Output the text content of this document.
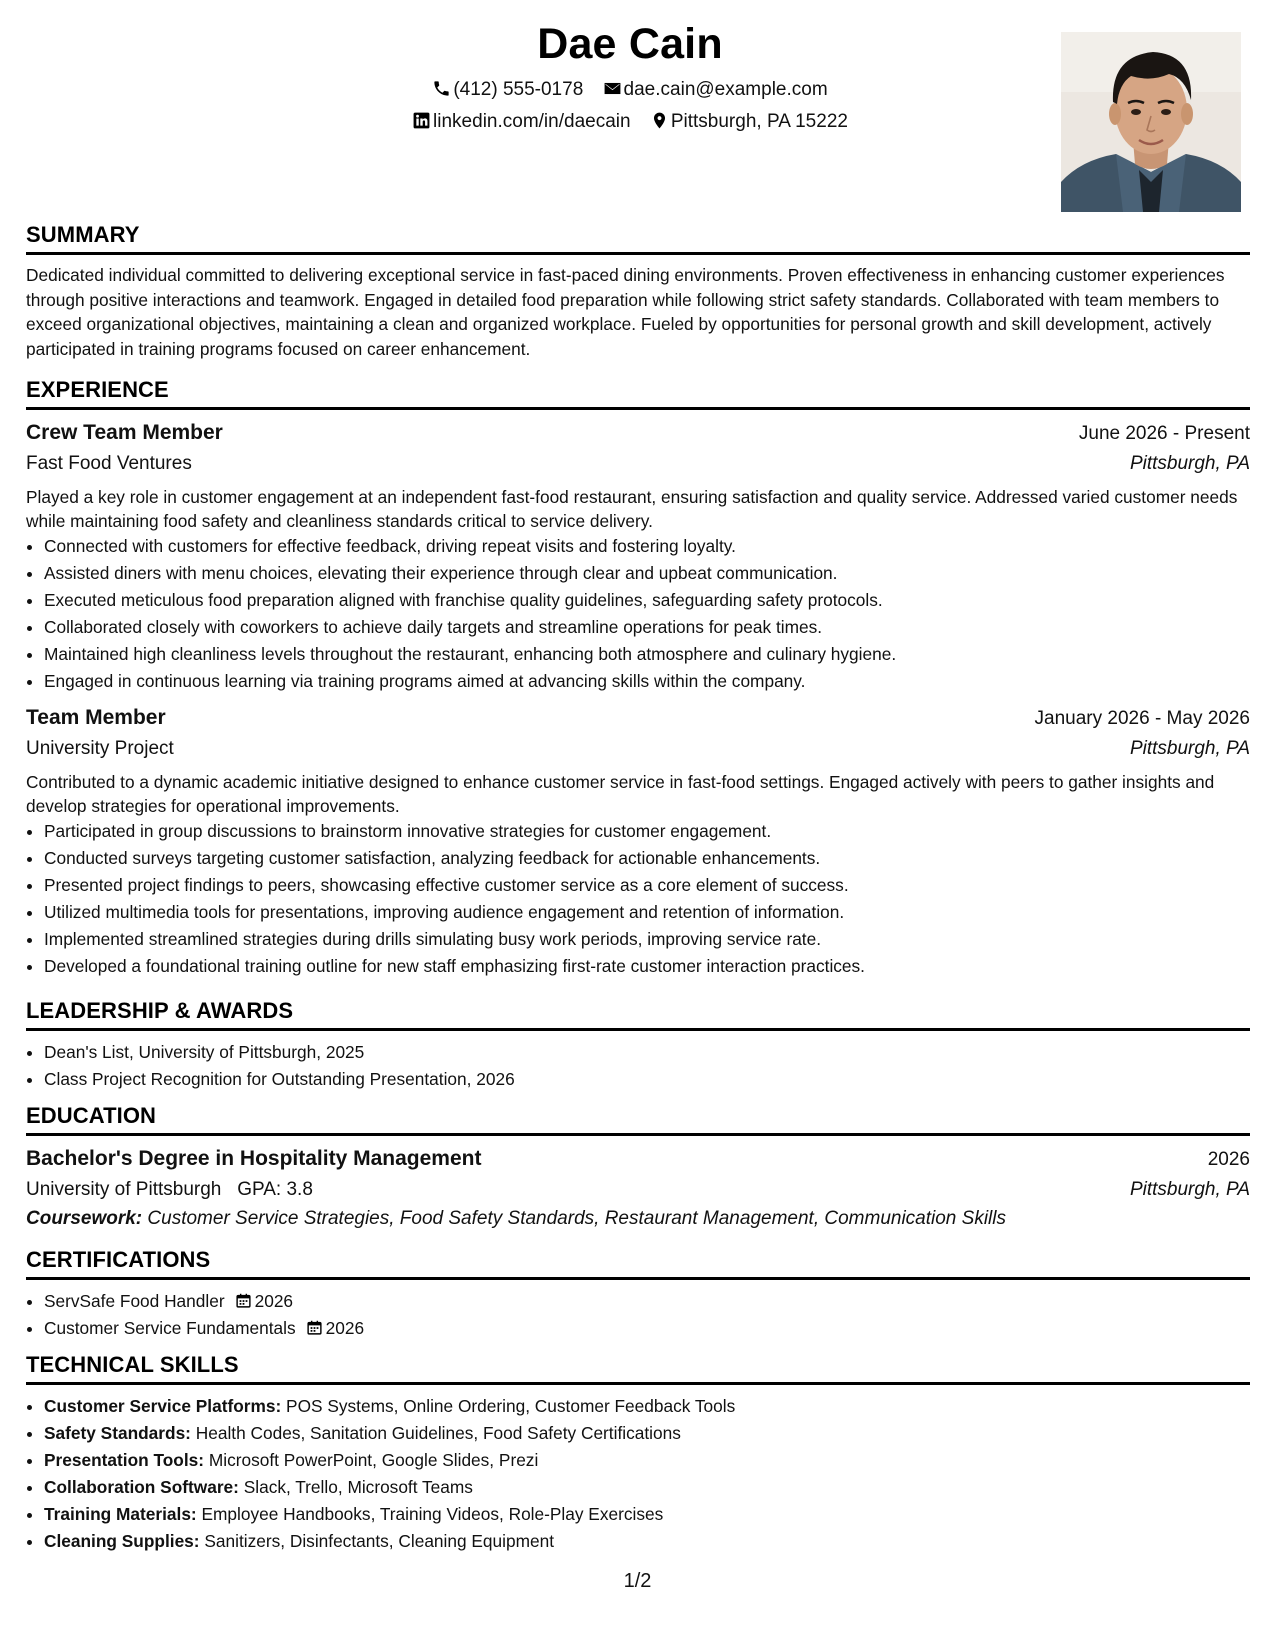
Dae Cain
(412) 555-0178 dae.cain@example.com
linkedin.com/in/daecain Pittsburgh, PA 15222
SUMMARY

Dedicated individual committed to delivering exceptional service in fast-paced dining environments. Proven effectiveness in enhancing customer experiences through positive interactions and teamwork. Engaged in detailed food preparation while following strict safety standards. Collaborated with team members to exceed organizational objectives, maintaining a clean and organized workplace. Fueled by opportunities for personal growth and skill development, actively participated in training programs focused on career enhancement.

EXPERIENCE
Crew Team Member	June 2026 - Present
Fast Food Ventures	Pittsburgh, PA

Played a key role in customer engagement at an independent fast-food restaurant, ensuring satisfaction and quality service. Addressed varied customer needs while maintaining food safety and cleanliness standards critical to service delivery.

• Connected with customers for effective feedback, driving repeat visits and fostering loyalty.
• Assisted diners with menu choices, elevating their experience through clear and upbeat communication.
• Executed meticulous food preparation aligned with franchise quality guidelines, safeguarding safety protocols.
• Collaborated closely with coworkers to achieve daily targets and streamline operations for peak times.
• Maintained high cleanliness levels throughout the restaurant, enhancing both atmosphere and culinary hygiene.
• Engaged in continuous learning via training programs aimed at advancing skills within the company.
Team Member	January 2026 - May 2026
University Project	Pittsburgh, PA

Contributed to a dynamic academic initiative designed to enhance customer service in fast-food settings. Engaged actively with peers to gather insights and develop strategies for operational improvements.

• Participated in group discussions to brainstorm innovative strategies for customer engagement.
• Conducted surveys targeting customer satisfaction, analyzing feedback for actionable enhancements.
• Presented project findings to peers, showcasing effective customer service as a core element of success.
• Utilized multimedia tools for presentations, improving audience engagement and retention of information.
• Implemented streamlined strategies during drills simulating busy work periods, improving service rate.
• Developed a foundational training outline for new staff emphasizing first-rate customer interaction practices.
LEADERSHIP & AWARDS
• Dean's List, University of Pittsburgh, 2025
• Class Project Recognition for Outstanding Presentation, 2026
EDUCATION
Bachelor's Degree in Hospitality Management	2026
University of Pittsburgh GPA: 3.8	Pittsburgh, PA
Coursework: Customer Service Strategies, Food Safety Standards, Restaurant Management, Communication Skills
CERTIFICATIONS
• ServSafe Food Handler 2026
• Customer Service Fundamentals 2026
TECHNICAL SKILLS
• Customer Service Platforms: POS Systems, Online Ordering, Customer Feedback Tools
• Safety Standards: Health Codes, Sanitation Guidelines, Food Safety Certifications
• Presentation Tools: Microsoft PowerPoint, Google Slides, Prezi
• Collaboration Software: Slack, Trello, Microsoft Teams
• Training Materials: Employee Handbooks, Training Videos, Role-Play Exercises
• Cleaning Supplies: Sanitizers, Disinfectants, Cleaning Equipment
1/2
